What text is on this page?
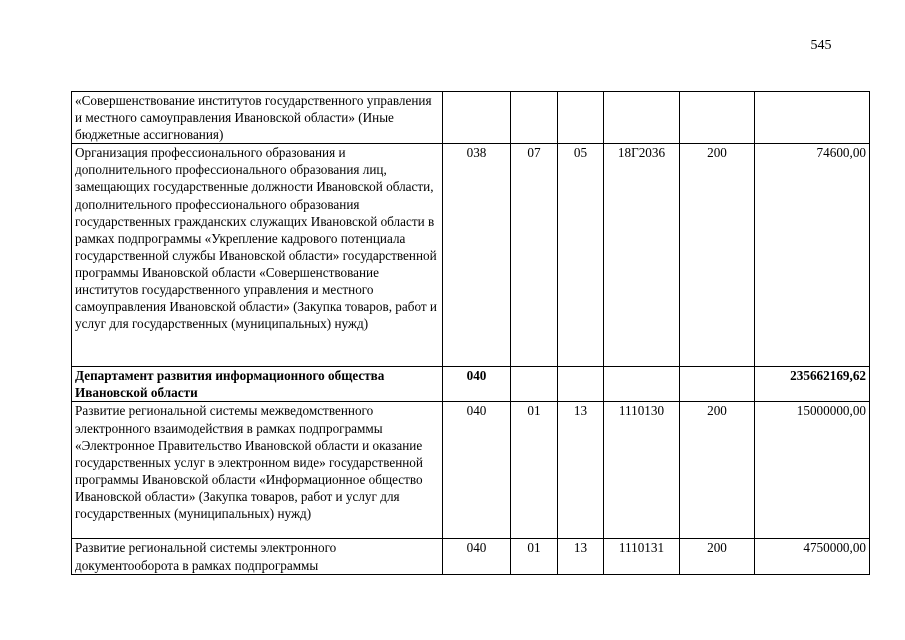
545
«Совершенствование институтов государственного управления и местного самоуправления Ивановской области» (Иные бюджетные ассигнования)						
Организация профессионального образования и дополнительного профессионального образования лиц, замещающих государственные должности Ивановской области, дополнительного профессионального образования государственных гражданских служащих Ивановской области в рамках подпрограммы «Укрепление кадрового потенциала государственной службы Ивановской области» государственной программы Ивановской области «Совершенствование институтов государственного управления и местного самоуправления Ивановской области» (Закупка товаров, работ и услуг для государственных (муниципальных) нужд)	038	07	05	18Г2036	200	74600,00
Департамент развития информационного общества Ивановской области	040					235662169,62
Развитие региональной системы межведомственного электронного взаимодействия в рамках подпрограммы «Электронное Правительство Ивановской области и оказание государственных услуг в электронном виде» государственной программы Ивановской области «Информационное общество Ивановской области» (Закупка товаров, работ и услуг для государственных (муниципальных) нужд)	040	01	13	1110130	200	15000000,00
Развитие региональной системы электронного документооборота в рамках подпрограммы	040	01	13	1110131	200	4750000,00
